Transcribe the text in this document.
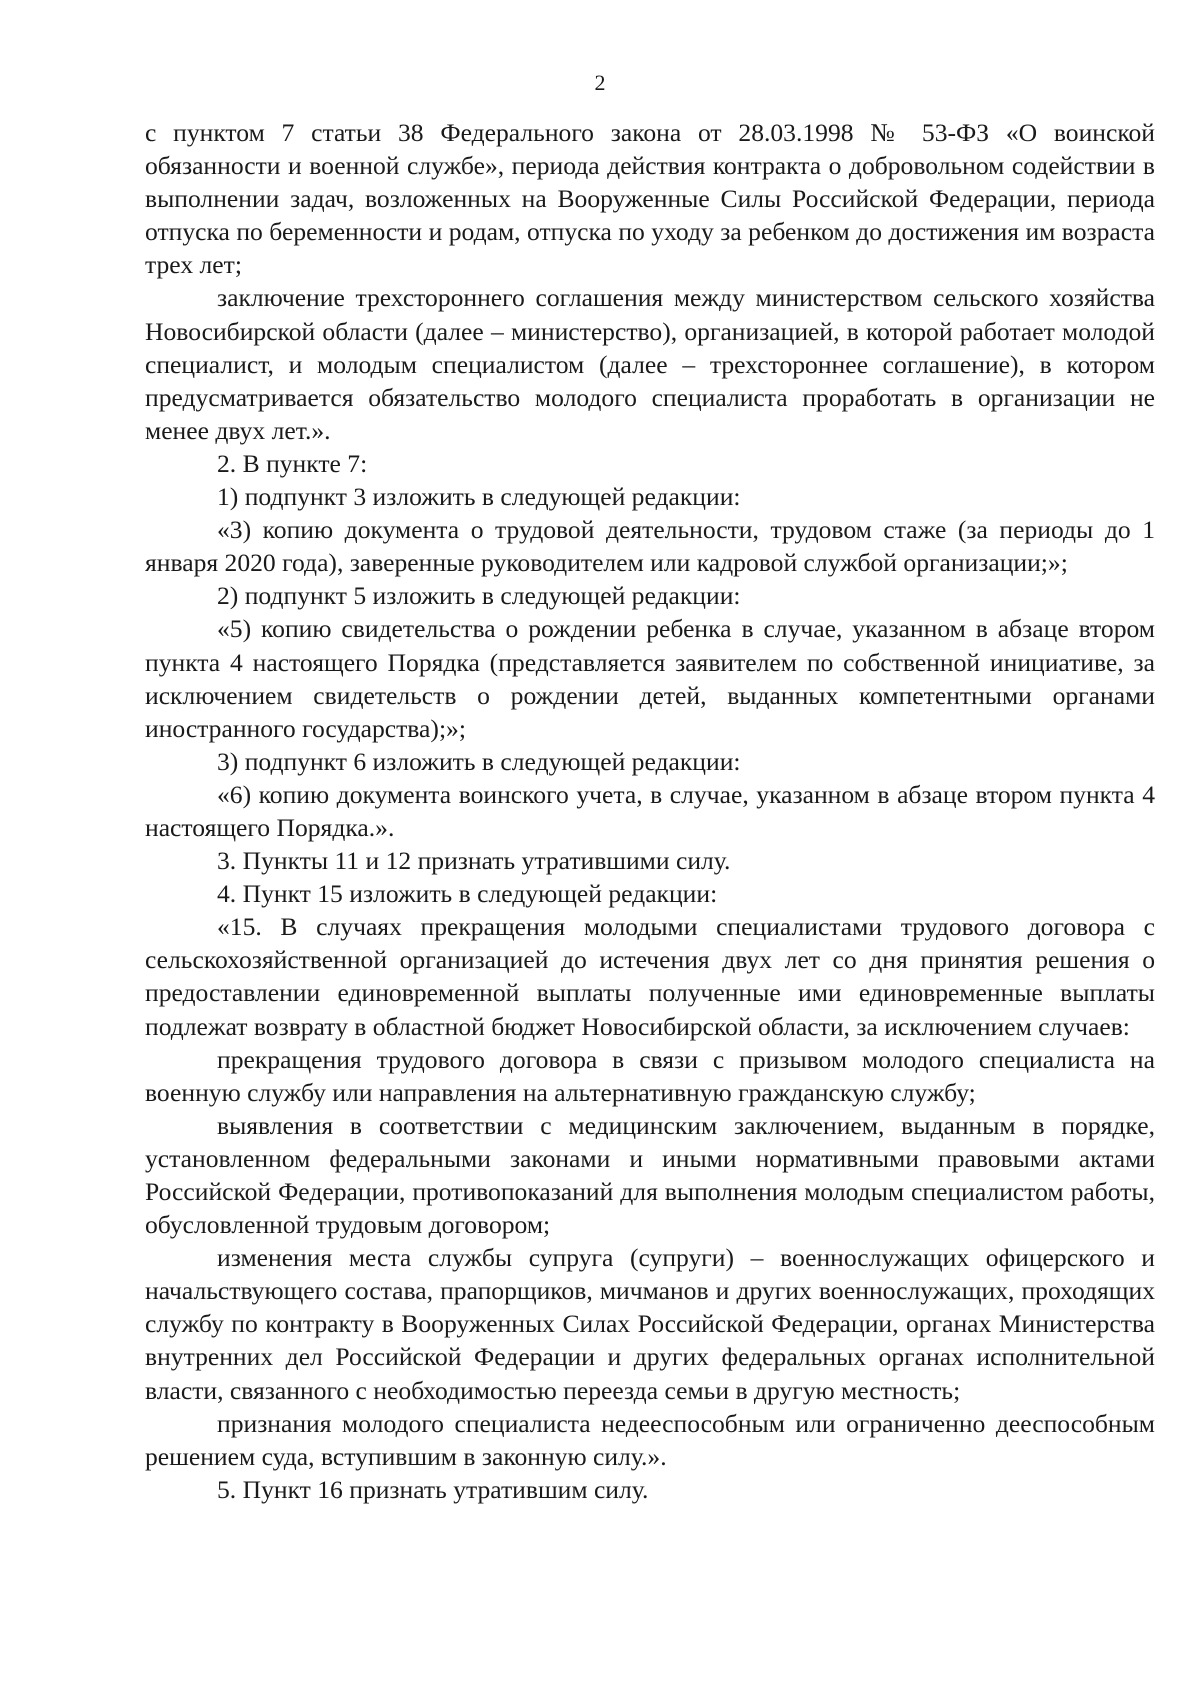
2

с пунктом 7 статьи 38 Федерального закона от 28.03.1998 № 53-ФЗ «О воинской обязанности и военной службе», периода действия контракта о добровольном содействии в выполнении задач, возложенных на Вооруженные Силы Российской Федерации, периода отпуска по беременности и родам, отпуска по уходу за ребенком до достижения им возраста трех лет;

заключение трехстороннего соглашения между министерством сельского хозяйства Новосибирской области (далее – министерство), организацией, в которой работает молодой специалист, и молодым специалистом (далее – трехстороннее соглашение), в котором предусматривается обязательство молодого специалиста проработать в организации не менее двух лет.».

2. В пункте 7:

1) подпункт 3 изложить в следующей редакции:

«3) копию документа о трудовой деятельности, трудовом стаже (за периоды до 1 января 2020 года), заверенные руководителем или кадровой службой организации;»;

2) подпункт 5 изложить в следующей редакции:

«5) копию свидетельства о рождении ребенка в случае, указанном в абзаце втором пункта 4 настоящего Порядка (представляется заявителем по собственной инициативе, за исключением свидетельств о рождении детей, выданных компетентными органами иностранного государства);»;

3) подпункт 6 изложить в следующей редакции:

«6) копию документа воинского учета, в случае, указанном в абзаце втором пункта 4 настоящего Порядка.».

3. Пункты 11 и 12 признать утратившими силу.

4. Пункт 15 изложить в следующей редакции:

«15. В случаях прекращения молодыми специалистами трудового договора с сельскохозяйственной организацией до истечения двух лет со дня принятия решения о предоставлении единовременной выплаты полученные ими единовременные выплаты подлежат возврату в областной бюджет Новосибирской области, за исключением случаев:

прекращения трудового договора в связи с призывом молодого специалиста на военную службу или направления на альтернативную гражданскую службу;

выявления в соответствии с медицинским заключением, выданным в порядке, установленном федеральными законами и иными нормативными правовыми актами Российской Федерации, противопоказаний для выполнения молодым специалистом работы, обусловленной трудовым договором;

изменения места службы супруга (супруги) – военнослужащих офицерского и начальствующего состава, прапорщиков, мичманов и других военнослужащих, проходящих службу по контракту в Вооруженных Силах Российской Федерации, органах Министерства внутренних дел Российской Федерации и других федеральных органах исполнительной власти, связанного с необходимостью переезда семьи в другую местность;

признания молодого специалиста недееспособным или ограниченно дееспособным решением суда, вступившим в законную силу.».

5. Пункт 16 признать утратившим силу.
